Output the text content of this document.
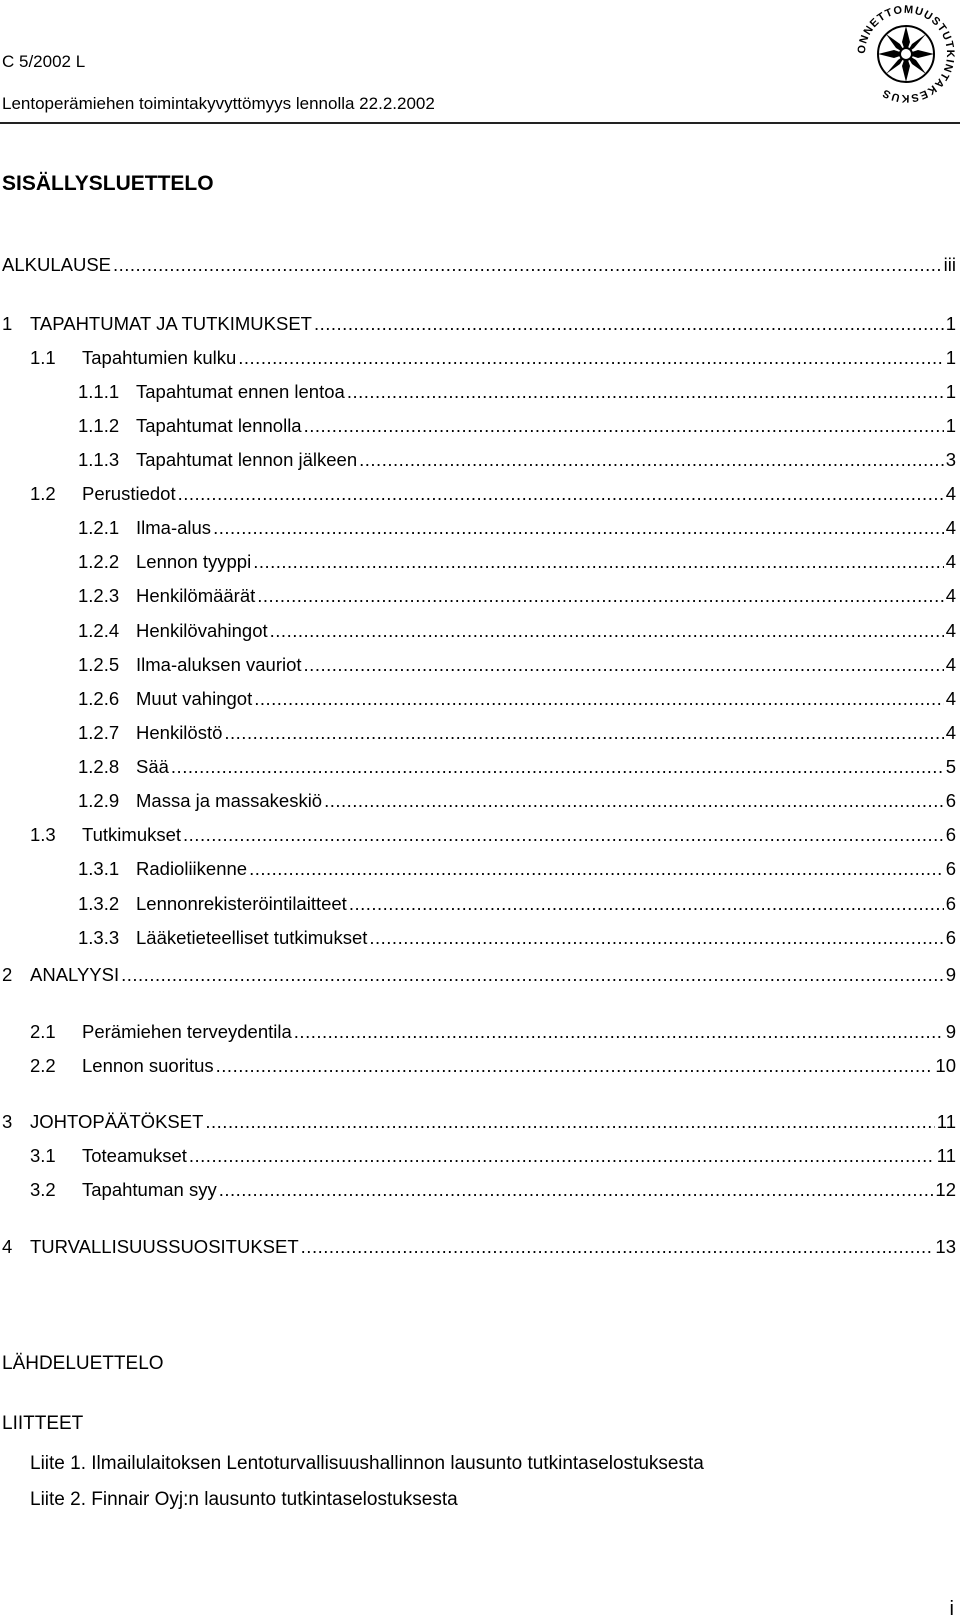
C 5/2002 L
Lentoperämiehen toimintakyvyttömyys lennolla 22.2.2002
ONNETTOMUUSTUTKINTAKESKUS
SISÄLLYSLUETTELO
ALKULAUSE .....	iii
1 TAPAHTUMAT JA TUTKIMUKSET .....	1
1.1	Tapahtumien kulku .....	1
1.1.1 Tapahtumat ennen lentoa .....	1
1.1.2 Tapahtumat lennolla .....	1
1.1.3 Tapahtumat lennon jälkeen .....	3
1.2	Perustiedot .....	4
1.2.1 Ilma-alus .....	4
1.2.2 Lennon tyyppi .....	4
1.2.3 Henkilömäärät .....	4
1.2.4 Henkilövahingot .....	4
1.2.5 Ilma-aluksen vauriot .....	4
1.2.6 Muut vahingot .....	4
1.2.7 Henkilöstö .....	4
1.2.8 Sää .....	5
1.2.9 Massa ja massakeskiö .....	6
1.3	Tutkimukset .....	6
1.3.1 Radioliikenne .....	6
1.3.2 Lennonrekisteröintilaitteet .....	6
1.3.3 Lääketieteelliset tutkimukset .....	6
2 ANALYYSI .....	9
2.1	Perämiehen terveydentila .....	9
2.2	Lennon suoritus .....	10
3 JOHTOPÄÄTÖKSET .....	11
3.1	Toteamukset .....	11
3.2	Tapahtuman syy .....	12
4 TURVALLISUUSSUOSITUKSET .....	13
LÄHDELUETTELO
LIITTEET
Liite 1. Ilmailulaitoksen Lentoturvallisuushallinnon lausunto tutkintaselostuksesta
Liite 2. Finnair Oyj:n lausunto tutkintaselostuksesta
i
